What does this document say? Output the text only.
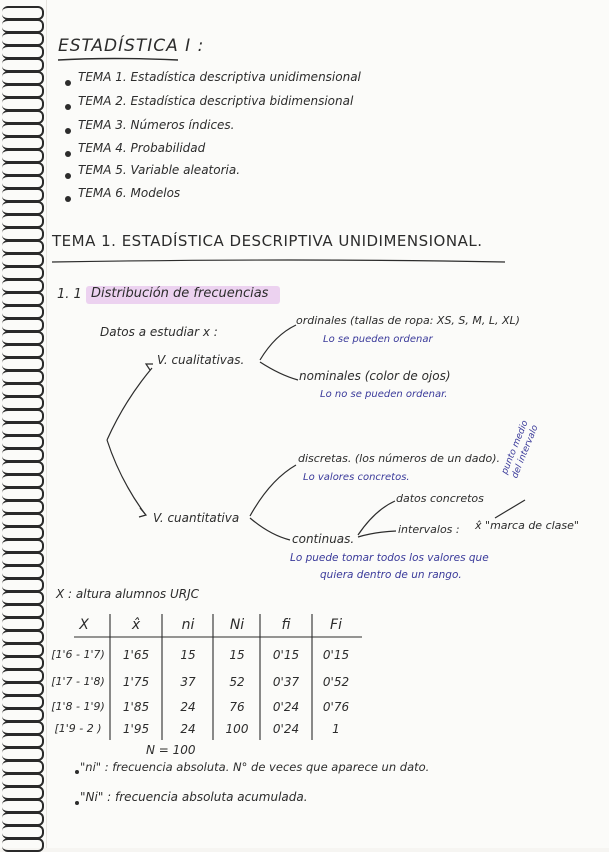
ESTADÍSTICA I :
TEMA 1. Estadística descriptiva unidimensional
TEMA 2. Estadística descriptiva bidimensional
TEMA 3. Números índices.
TEMA 4. Probabilidad
TEMA 5. Variable aleatoria.
TEMA 6. Modelos
TEMA 1. ESTADÍSTICA DESCRIPTIVA UNIDIMENSIONAL.
1. 1 Distribución de frecuencias
Datos a estudiar x :
V. cualitativas.
ordinales (tallas de ropa: XS, S, M, L, XL)
Lo se pueden ordenar
nominales (color de ojos)
Lo no se pueden ordenar.
V. cuantitativa
discretas. (los números de un dado).
Lo valores concretos.
datos concretos
continuas.
intervalos : x̂ "marca de clase"
punto medio del intervalo
Lo puede tomar todos los valores que
quiera dentro de un rango.
X : altura alumnos URJC
X	x̂	ni	Ni	fi	Fi
[1'6 - 1'7)	1'65	15	15	0'15	0'15
[1'7 - 1'8)	1'75	37	52	0'37	0'52
[1'8 - 1'9)	1'85	24	76	0'24	0'76
[1'9 - 2 )	1'95	24	100	0'24	1
N = 100
"ni" : frecuencia absoluta. N° de veces que aparece un dato.
"Ni" : frecuencia absoluta acumulada.
